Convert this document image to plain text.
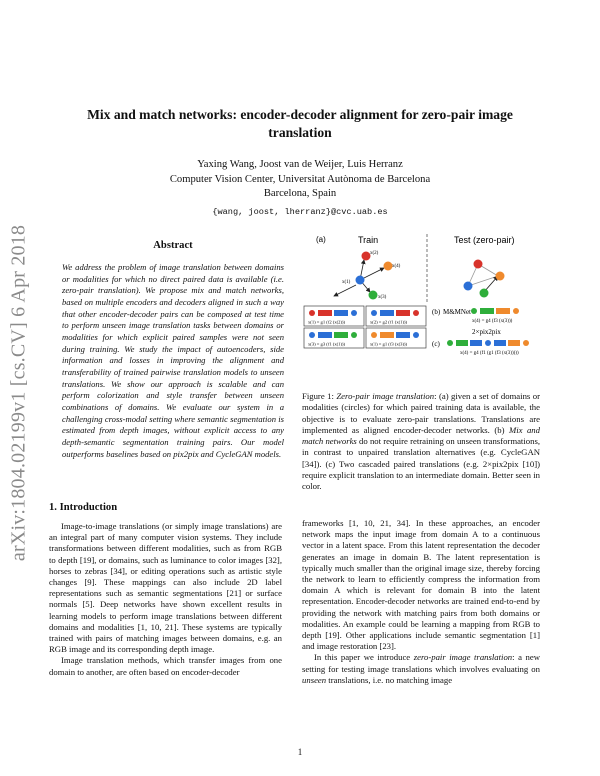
arXiv:1804.02199v1 [cs.CV] 6 Apr 2018
Mix and match networks: encoder-decoder alignment for zero-pair image translation
Yaxing Wang, Joost van de Weijer, Luis Herranz
Computer Vision Center, Universitat Autònoma de Barcelona
Barcelona, Spain
{wang, joost, lherranz}@cvc.uab.es
Abstract
We address the problem of image translation between domains or modalities for which no direct paired data is available (i.e. zero-pair translation). We propose mix and match networks, based on multiple encoders and decoders aligned in such a way that other encoder-decoder pairs can be composed at test time to perform unseen image translation tasks between domains or modalities for which explicit paired samples were not seen during training. We study the impact of autoencoders, side information and losses in improving the alignment and transferability of trained pairwise translation models to unseen translations. We show our approach is scalable and can perform colorization and style transfer between unseen combinations of domains. We evaluate our system in a challenging cross-modal setting where semantic segmentation is estimated from depth images, without explicit access to any depth-semantic segmentation training pairs. Our model outperforms baselines based on pix2pix and CycleGAN models.
1. Introduction

Image-to-image translations (or simply image translations) are an integral part of many computer vision systems. They include transformations between different modalities, such as from RGB to depth [19], or domains, such as luminance to color images [32], horses to zebras [34], or editing operations such as artistic style changes [9]. These mappings can also include 2D label representations such as semantic segmentations [21] or surface normals [5]. Deep networks have shown excellent results in learning models to perform image translations between different domains and modalities [1, 10, 21]. These systems are typically trained with pairs of matching images between domains, e.g. an RGB image and its corresponding depth image.

Image translation methods, which transfer images from one domain to another, are often based on encoder-decoder

(a)	Train	Test (zero-pair)
x(1)
x(2)
x(4)
x(3)
x(1) = g1 (f2 (x(2)))	x(2) = g2 (f1 (x(1)))
x(3) = g3 (f1 (x(1)))	x(1) = g1 (f3 (x(3)))
(b) M&MNet
x(4) = g4 (f3 (x(3)))
2×pix2pix
(c)
x(4) = g4 (f1 (g1 (f3 (x(3)))))
Figure 1: Zero-pair image translation: (a) given a set of domains or modalities (circles) for which paired training data is available, the objective is to evaluate zero-pair translations. Translations are implemented as aligned encoder-decoder networks. (b) Mix and match networks do not require retraining on unseen transformations, in contrast to unpaired translation alternatives (e.g. CycleGAN [34]). (c) Two cascaded paired translations (e.g. 2×pix2pix [10]) require explicit translation to an intermediate domain. Better seen in color.

frameworks [1, 10, 21, 34]. In these approaches, an encoder network maps the input image from domain A to a continuous vector in a latent space. From this latent representation the decoder generates an image in domain B. The latent representation is typically much smaller than the original image size, thereby forcing the network to learn to efficiently compress the information from domain A which is relevant for domain B into the latent representation. Encoder-decoder networks are trained end-to-end by providing the network with matching pairs from both domains or modalities. An example could be learning a mapping from RGB to depth [19]. Other applications include semantic segmentation [1] and image restoration [23].

In this paper we introduce zero-pair image translation: a new setting for testing image translations which involves evaluating on unseen translations, i.e. no matching image

1
